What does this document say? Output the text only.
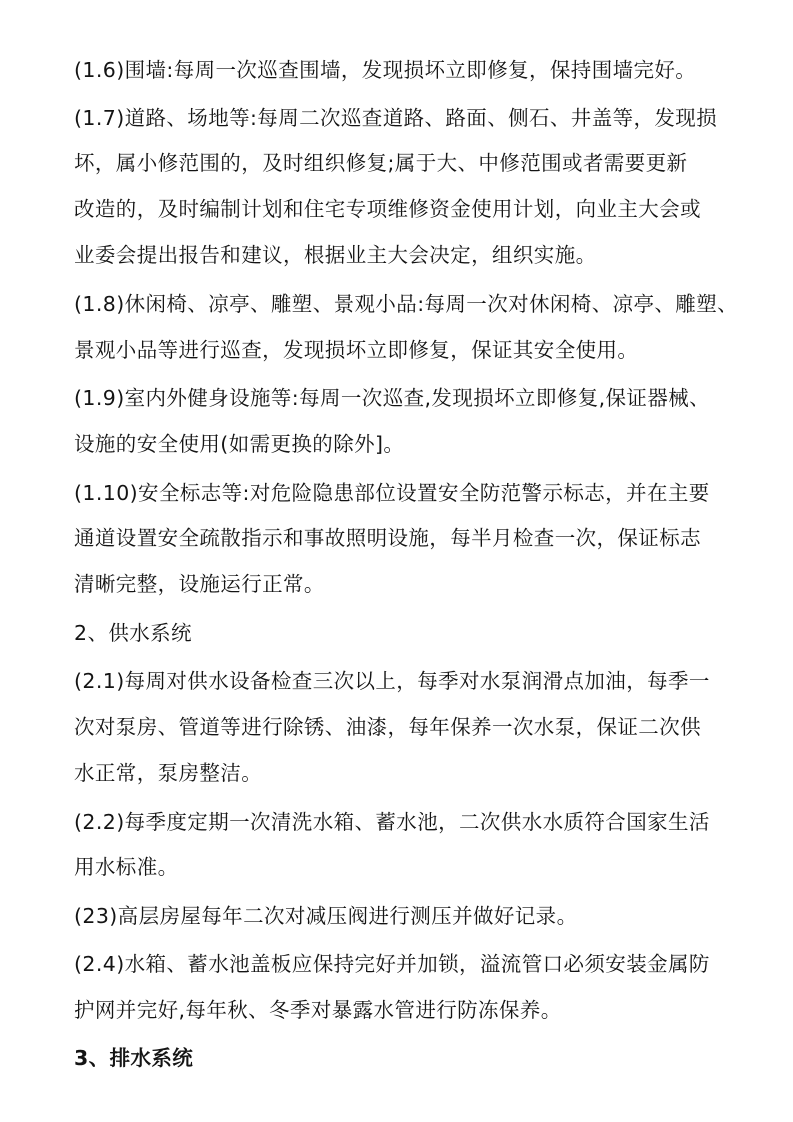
(1.6)围墙:每周一次巡查围墙，发现损坏立即修复，保持围墙完好。
(1.7)道路、场地等:每周二次巡查道路、路面、侧石、井盖等，发现损
坏，属小修范围的，及时组织修复;属于大、中修范围或者需要更新
改造的，及时编制计划和住宅专项维修资金使用计划，向业主大会或
业委会提出报告和建议，根据业主大会决定，组织实施。
(1.8)休闲椅、凉亭、雕塑、景观小品:每周一次对休闲椅、凉亭、雕塑、
景观小品等进行巡查，发现损坏立即修复，保证其安全使用。
(1.9)室内外健身设施等:每周一次巡查,发现损坏立即修复,保证器械、
设施的安全使用(如需更换的除外]。
(1.10)安全标志等:对危险隐患部位设置安全防范警示标志，并在主要
通道设置安全疏散指示和事故照明设施，每半月检查一次，保证标志
清晰完整，设施运行正常。
2、供水系统
(2.1)每周对供水设备检查三次以上，每季对水泵润滑点加油，每季一
次对泵房、管道等进行除锈、油漆，每年保养一次水泵，保证二次供
水正常，泵房整洁。
(2.2)每季度定期一次清洗水箱、蓄水池，二次供水水质符合国家生活
用水标准。
(23)高层房屋每年二次对减压阀进行测压并做好记录。
(2.4)水箱、蓄水池盖板应保持完好并加锁，溢流管口必须安装金属防
护网并完好,每年秋、冬季对暴露水管进行防冻保养。
3、排水系统
